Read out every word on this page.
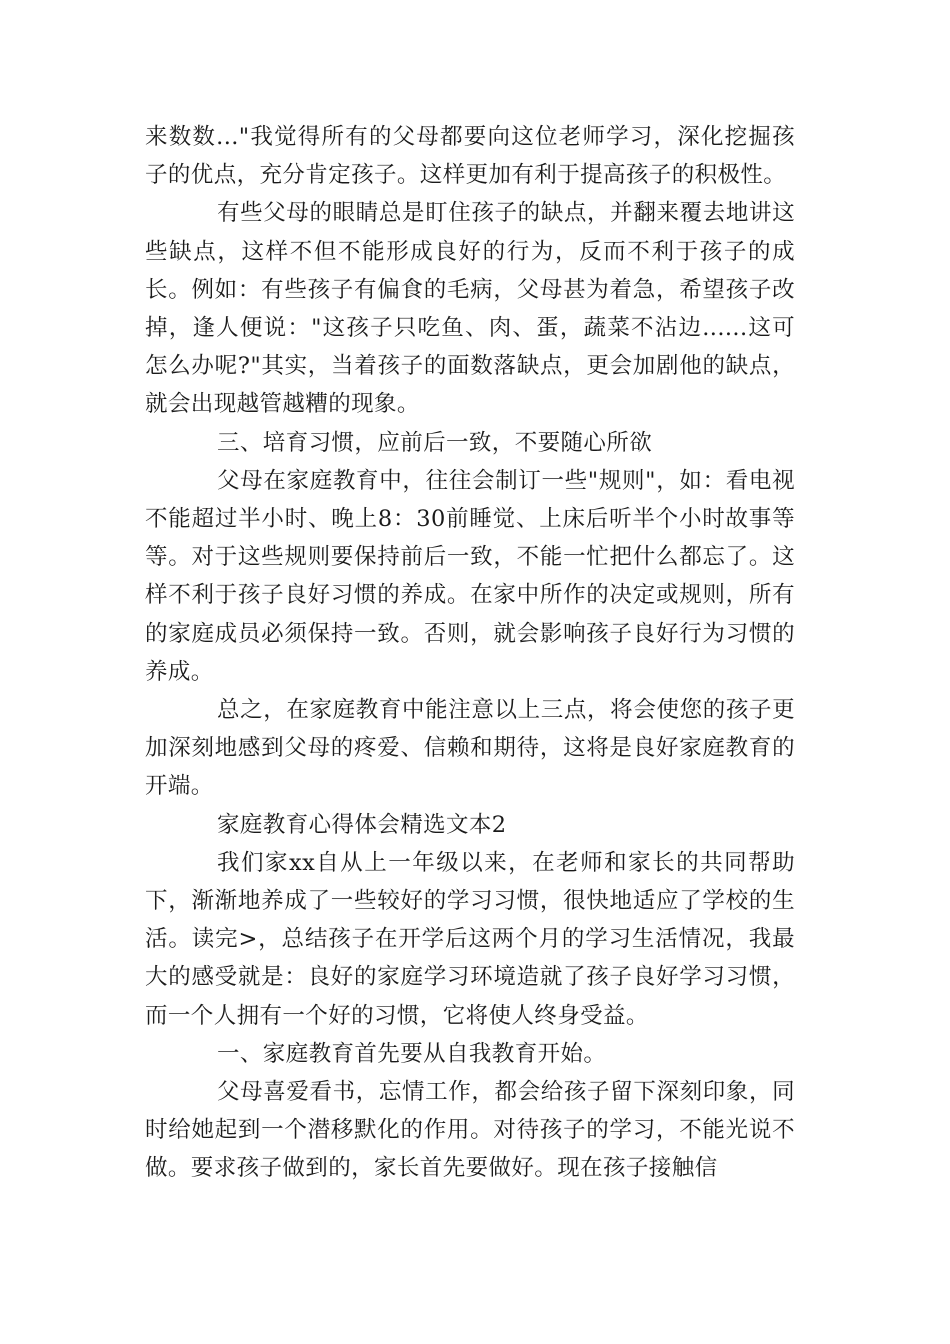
来数数..."我觉得所有的父母都要向这位老师学习，深化挖掘孩子的优点，充分肯定孩子。这样更加有利于提高孩子的积极性。

有些父母的眼睛总是盯住孩子的缺点，并翻来覆去地讲这些缺点，这样不但不能形成良好的行为，反而不利于孩子的成长。例如：有些孩子有偏食的毛病，父母甚为着急，希望孩子改掉，逢人便说："这孩子只吃鱼、肉、蛋，蔬菜不沾边......这可怎么办呢?"其实，当着孩子的面数落缺点，更会加剧他的缺点，就会出现越管越糟的现象。

三、培育习惯，应前后一致，不要随心所欲

父母在家庭教育中，往往会制订一些"规则"，如：看电视不能超过半小时、晚上8：30前睡觉、上床后听半个小时故事等等。对于这些规则要保持前后一致，不能一忙把什么都忘了。这样不利于孩子良好习惯的养成。在家中所作的决定或规则，所有的家庭成员必须保持一致。否则，就会影响孩子良好行为习惯的养成。

总之，在家庭教育中能注意以上三点，将会使您的孩子更加深刻地感到父母的疼爱、信赖和期待，这将是良好家庭教育的开端。

家庭教育心得体会精选文本2

我们家xx自从上一年级以来，在老师和家长的共同帮助下，渐渐地养成了一些较好的学习习惯，很快地适应了学校的生活。读完>，总结孩子在开学后这两个月的学习生活情况，我最大的感受就是：良好的家庭学习环境造就了孩子良好学习习惯，而一个人拥有一个好的习惯，它将使人终身受益。

一、家庭教育首先要从自我教育开始。

父母喜爱看书，忘情工作，都会给孩子留下深刻印象，同时给她起到一个潜移默化的作用。对待孩子的学习，不能光说不做。要求孩子做到的，家长首先要做好。现在孩子接触信
